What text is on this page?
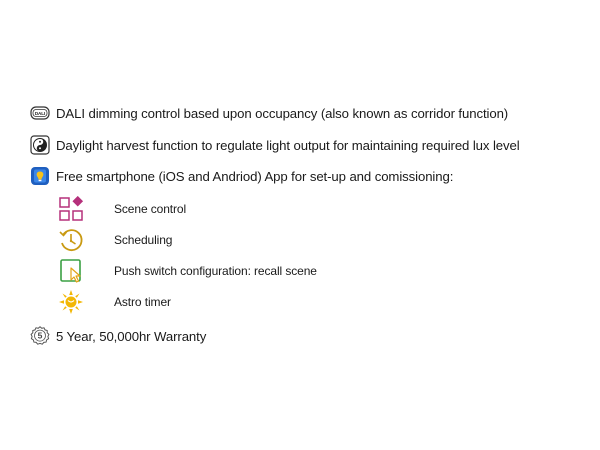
DALI DALI dimming control based upon occupancy (also known as corridor function)
Daylight harvest function to regulate light output for maintaining required lux level
Free smartphone (iOS and Andriod) App for set-up and comissioning:
Scene control
Scheduling
Push switch configuration: recall scene
Astro timer
5 5 Year, 50,000hr Warranty
